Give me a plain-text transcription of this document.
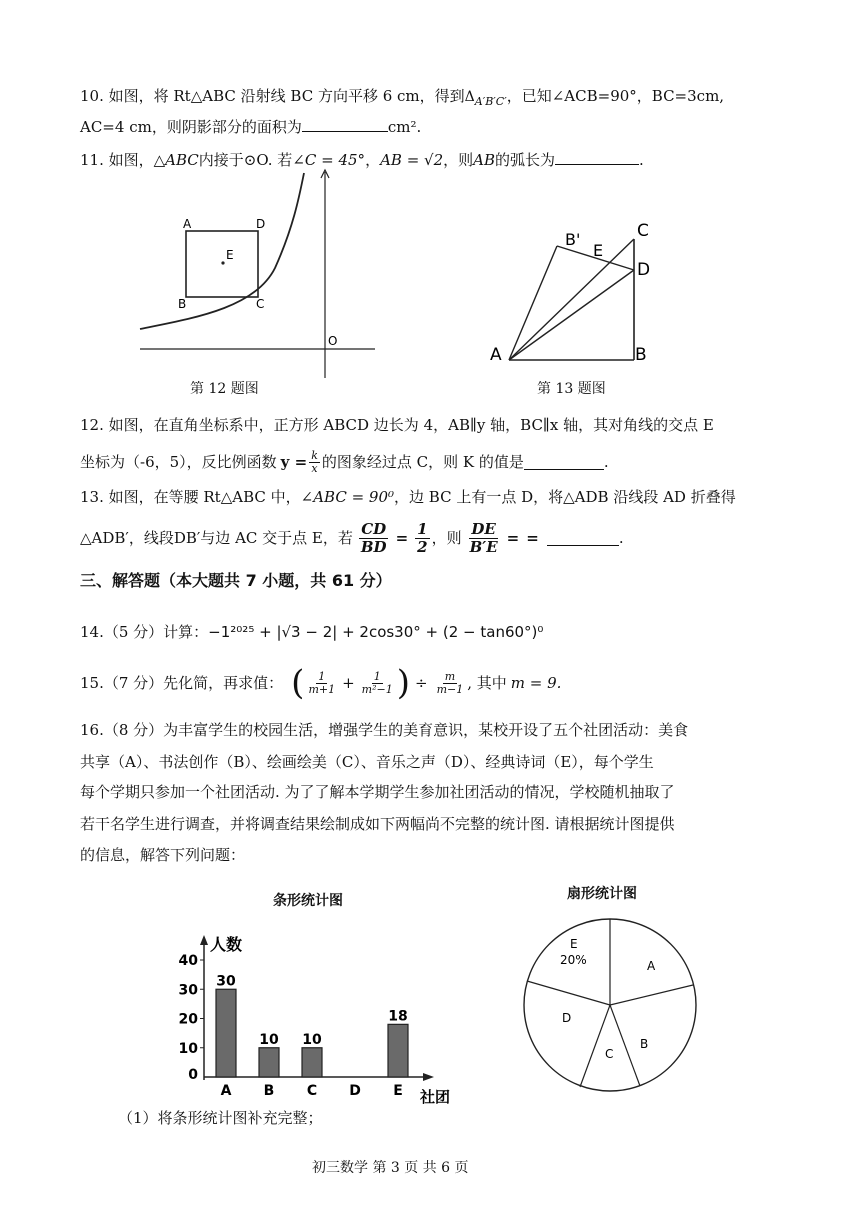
10. 如图，将 Rt△ABC 沿射线 BC 方向平移 6 cm，得到$\Delta_{A'B'C'}$，已知∠ACB=90°，BC=3cm,
AC=4 cm，则阴影部分的面积为	cm².
11. 如图，△ABC内接于⊙O. 若∠C = 45°，AB = √2，则AB的弧长为	.
A	D
E
B	C
O
第 12 题图
B'
E
C
D
A	B
第 13 题图
12. 如图，在直角坐标系中，正方形 ABCD 边长为 4，AB∥y 轴，BC∥x 轴，其对角线的交点 E
坐标为（-6，5），反比例函数 $y = \frac{k}{x}$ 的图象经过点 C，则 K 的值是	.
13. 如图，在等腰 Rt△ABC 中，∠ABC = 90⁰，边 BC 上有一点 D，将△ADB 沿线段 AD 折叠得
△ADB′，线段 DB′ 与边 AC 交于点 E，若 $\frac{CD}{BD} = \frac{1}{2}$ ，则 $\frac{DE}{B'E}$ = =	.
三、解答题（本大题共 7 小题，共 61 分）
14.（5 分）计算：−1²⁰²⁵ + |√3 − 2| + 2cos30° + (2 − tan60°)⁰
15.（7 分）先化简，再求值： ( $\frac{1}{m+1} + \frac{1}{\text{m²−1}}$ ) ÷ $\frac{m}{m-1}$ , 其中 m = 9.
16.（8 分）为丰富学生的校园生活，增强学生的美育意识，某校开设了五个社团活动：美食
共享（A）、书法创作（B）、绘画绘美（C）、音乐之声（D）、经典诗词（E），每个学生
每个学期只参加一个社团活动. 为了了解本学期学生参加社团活动的情况，学校随机抽取了
若干名学生进行调查，并将调查结果绘制成如下两幅尚不完整的统计图. 请根据统计图提供
的信息，解答下列问题：
条形统计图	扇形统计图
人数
社团
0
10
20
30
40
30
A
10
B
10
C D
18
E
A
B
C
D
E
20%
（1）将条形统计图补充完整；
初三数学 第 3 页 共 6 页
